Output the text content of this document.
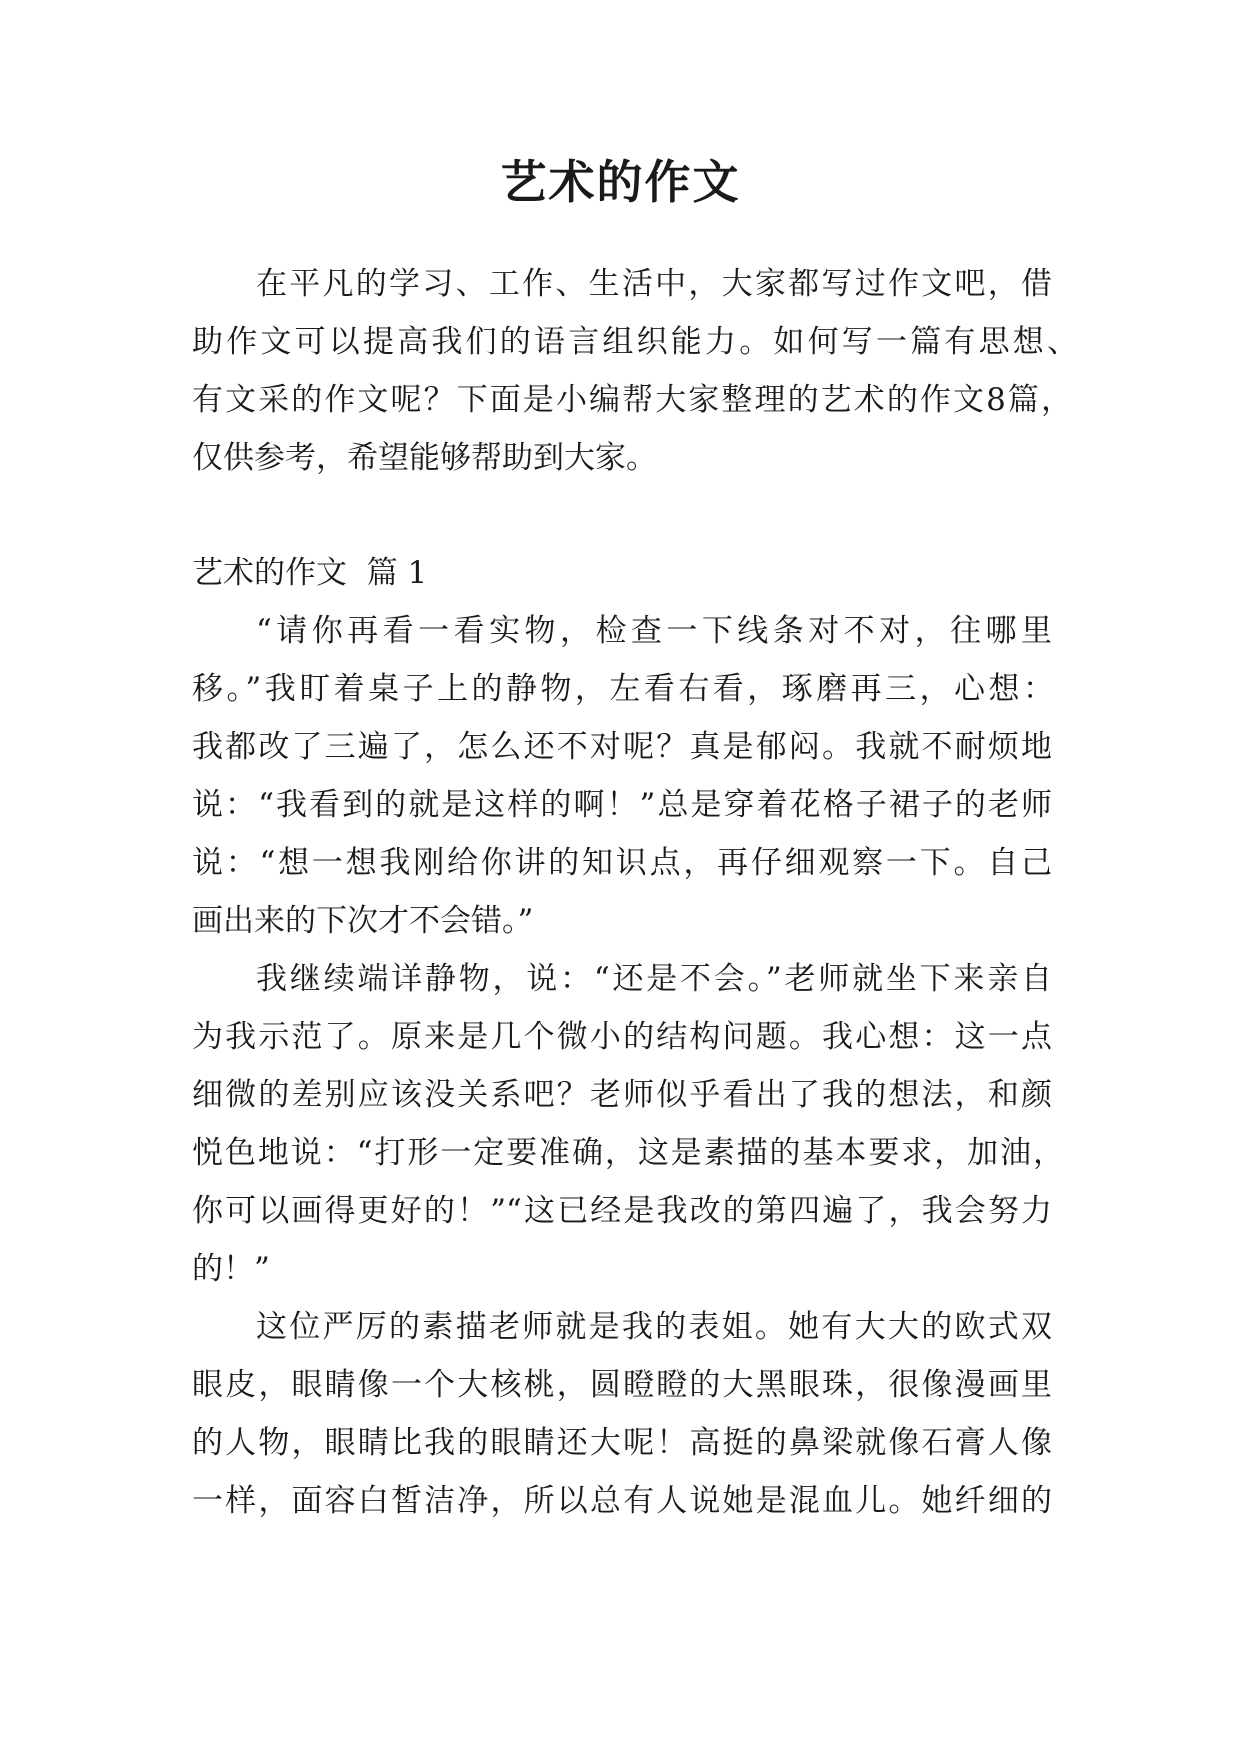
艺术的作文
在平凡的学习、工作、生活中，大家都写过作文吧，借
助作文可以提高我们的语言组织能力。如何写一篇有思想、
有文采的作文呢？下面是小编帮大家整理的艺术的作文8篇，
仅供参考，希望能够帮助到大家。
艺术的作文  篇 1
“请你再看一看实物，检查一下线条对不对，往哪里
移。”我盯着桌子上的静物，左看右看，琢磨再三，心想：
我都改了三遍了，怎么还不对呢？真是郁闷。我就不耐烦地
说：“我看到的就是这样的啊！”总是穿着花格子裙子的老师
说：“想一想我刚给你讲的知识点，再仔细观察一下。自己
画出来的下次才不会错。”
我继续端详静物，说：“还是不会。”老师就坐下来亲自
为我示范了。原来是几个微小的结构问题。我心想：这一点
细微的差别应该没关系吧？老师似乎看出了我的想法，和颜
悦色地说：“打形一定要准确，这是素描的基本要求，加油，
你可以画得更好的！”“这已经是我改的第四遍了，我会努力
的！”
这位严厉的素描老师就是我的表姐。她有大大的欧式双
眼皮，眼睛像一个大核桃，圆瞪瞪的大黑眼珠，很像漫画里
的人物，眼睛比我的眼睛还大呢！高挺的鼻梁就像石膏人像
一样，面容白皙洁净，所以总有人说她是混血儿。她纤细的
